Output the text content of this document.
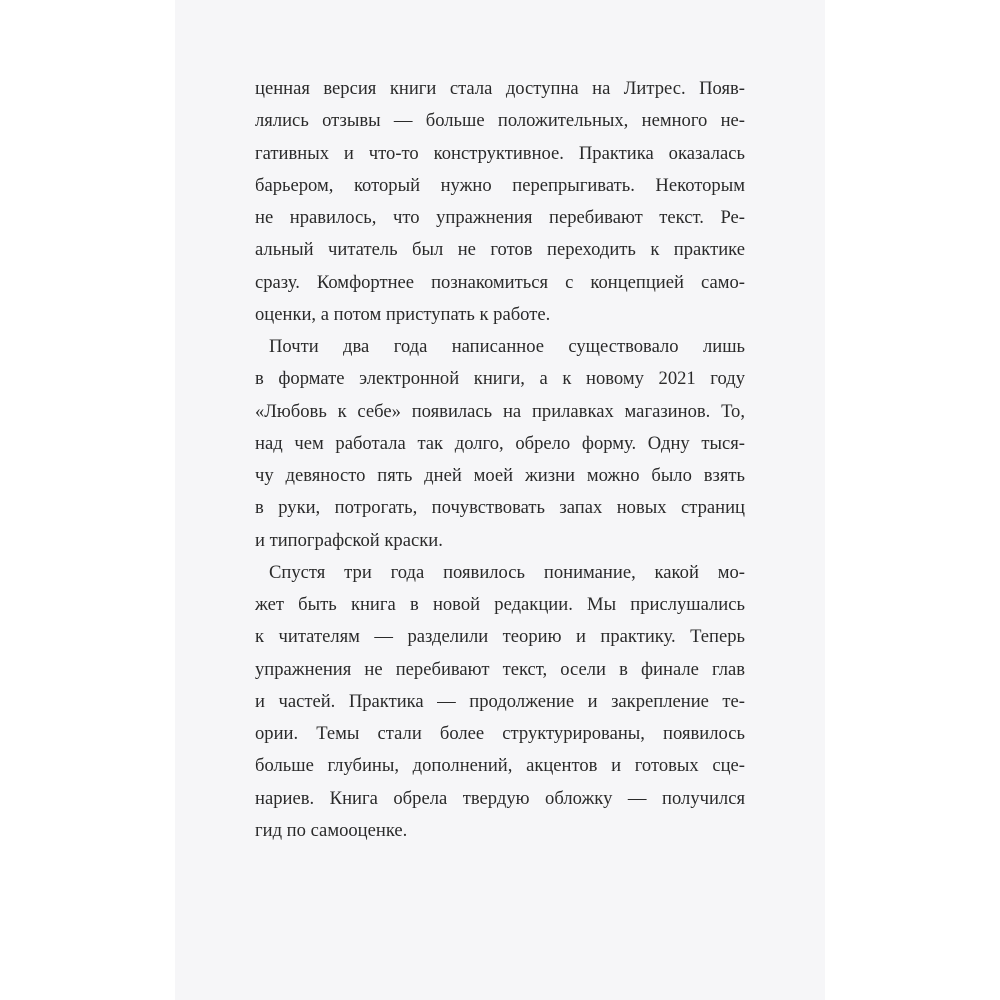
ценная версия книги стала доступна на Литрес. Появ-
лялись отзывы — больше положительных, немного не-
гативных и что-то конструктивное. Практика оказалась
барьером, который нужно перепрыгивать. Некоторым
не нравилось, что упражнения перебивают текст. Ре-
альный читатель был не готов переходить к практике
сразу. Комфортнее познакомиться с концепцией само-
оценки, а потом приступать к работе.
Почти два года написанное существовало лишь
в формате электронной книги, а к новому 2021 году
«Любовь к себе» появилась на прилавках магазинов. То,
над чем работала так долго, обрело форму. Одну тыся-
чу девяносто пять дней моей жизни можно было взять
в руки, потрогать, почувствовать запах новых страниц
и типографской краски.
Спустя три года появилось понимание, какой мо-
жет быть книга в новой редакции. Мы прислушались
к читателям — разделили теорию и практику. Теперь
упражнения не перебивают текст, осели в финале глав
и частей. Практика — продолжение и закрепление те-
ории. Темы стали более структурированы, появилось
больше глубины, дополнений, акцентов и готовых сце-
нариев. Книга обрела твердую обложку — получился
гид по самооценке.
